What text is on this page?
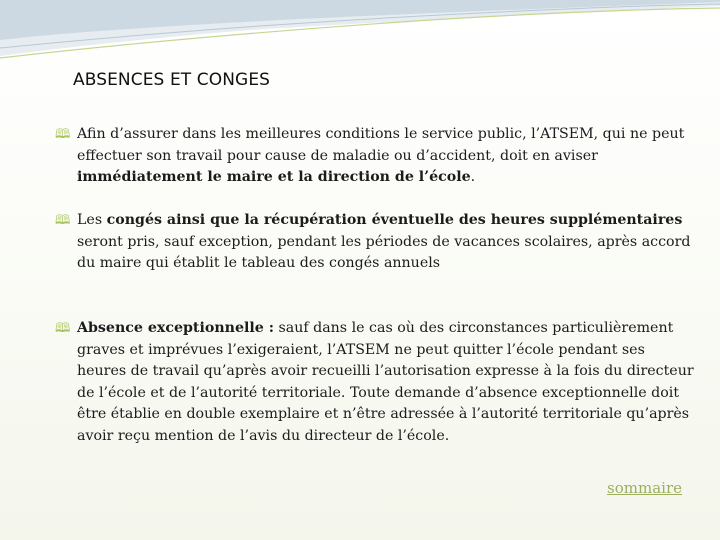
ABSENCES ET CONGES

🕮 Afin d’assurer dans les meilleures conditions le service public, l’ATSEM, qui ne peut effectuer son travail pour cause de maladie ou d’accident, doit en aviser immédiatement le maire et la direction de l’école.

🕮 Les congés ainsi que la récupération éventuelle des heures supplémentaires seront pris, sauf exception, pendant les périodes de vacances scolaires, après accord du maire qui établit le tableau des congés annuels

🕮 Absence exceptionnelle : sauf dans le cas où des circonstances particulièrement graves et imprévues l’exigeraient, l’ATSEM ne peut quitter l’école pendant ses heures de travail qu’après avoir recueilli l’autorisation expresse à la fois du directeur de l’école et de l’autorité territoriale. Toute demande d’absence exceptionnelle doit être établie en double exemplaire et n’être adressée à l’autorité territoriale qu’après avoir reçu mention de l’avis du directeur de l’école.

sommaire
